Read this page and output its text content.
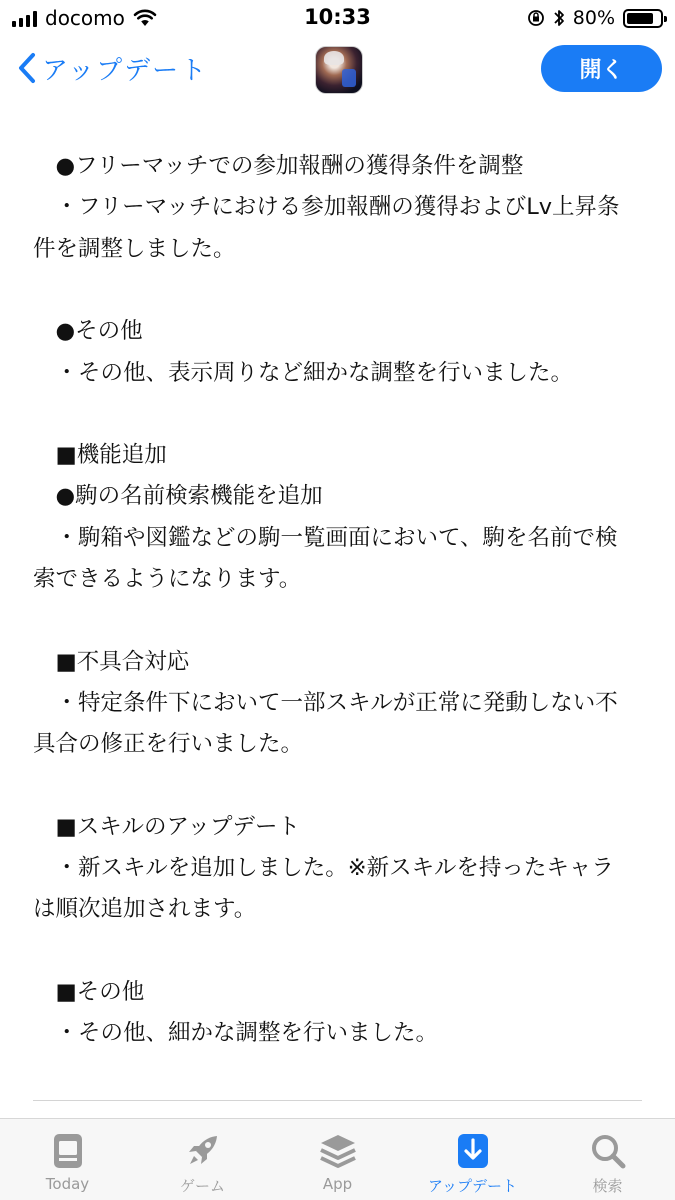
docomo	10:33	80%
アップデート	開く
　●フリーマッチでの参加報酬の獲得条件を調整
　・フリーマッチにおける参加報酬の獲得およびLv上昇条
件を調整しました。
　●その他
　・その他、表示周りなど細かな調整を行いました。
　■機能追加
　●駒の名前検索機能を追加
　・駒箱や図鑑などの駒一覧画面において、駒を名前で検
索できるようになります。
　■不具合対応
　・特定条件下において一部スキルが正常に発動しない不
具合の修正を行いました。
　■スキルのアップデート
　・新スキルを追加しました。※新スキルを持ったキャラ
は順次追加されます。
　■その他
　・その他、細かな調整を行いました。
Today	ゲーム	App	アップデート	検索
